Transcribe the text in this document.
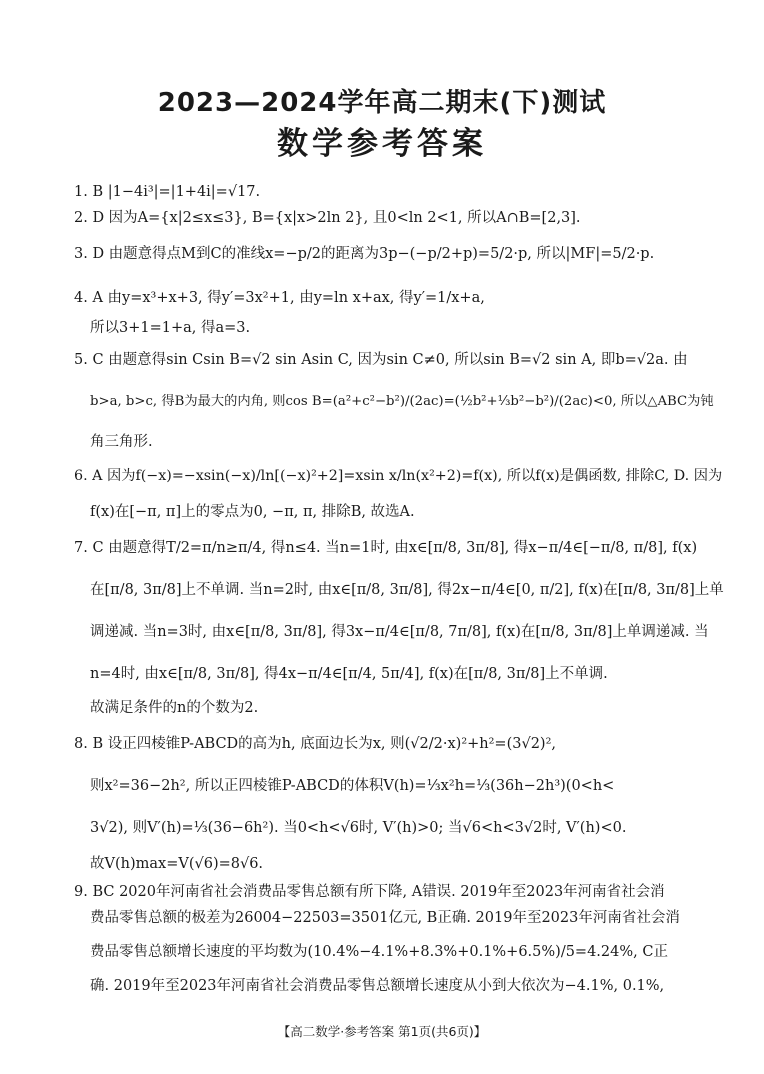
2023—2024学年高二期末(下)测试
数学参考答案
1. B |1−4i³|=|1+4i|=√17.
2. D 因为A={x|2≤x≤3}, B={x|x>2ln 2}, 且0<ln 2<1, 所以A∩B=[2,3].
3. D 由题意得点M到C的准线x=−p/2的距离为3p−(−p/2+p)=5/2·p, 所以|MF|=5/2·p.
4. A 由y=x³+x+3, 得y′=3x²+1, 由y=ln x+ax, 得y′=1/x+a,
所以3+1=1+a, 得a=3.
5. C 由题意得sin Csin B=√2 sin Asin C, 因为sin C≠0, 所以sin B=√2 sin A, 即b=√2a. 由
b>a, b>c, 得B为最大的内角, 则cos B=(a²+c²−b²)/(2ac)=(½b²+⅓b²−b²)/(2ac)<0, 所以△ABC为钝
角三角形.
6. A 因为f(−x)=−xsin(−x)/ln[(−x)²+2]=xsin x/ln(x²+2)=f(x), 所以f(x)是偶函数, 排除C, D. 因为
f(x)在[−π, π]上的零点为0, −π, π, 排除B, 故选A.
7. C 由题意得T/2=π/n≥π/4, 得n≤4. 当n=1时, 由x∈[π/8, 3π/8], 得x−π/4∈[−π/8, π/8], f(x)
在[π/8, 3π/8]上不单调. 当n=2时, 由x∈[π/8, 3π/8], 得2x−π/4∈[0, π/2], f(x)在[π/8, 3π/8]上单
调递减. 当n=3时, 由x∈[π/8, 3π/8], 得3x−π/4∈[π/8, 7π/8], f(x)在[π/8, 3π/8]上单调递减. 当
n=4时, 由x∈[π/8, 3π/8], 得4x−π/4∈[π/4, 5π/4], f(x)在[π/8, 3π/8]上不单调.
故满足条件的n的个数为2.
8. B 设正四棱锥P-ABCD的高为h, 底面边长为x, 则(√2/2·x)²+h²=(3√2)²,
则x²=36−2h², 所以正四棱锥P-ABCD的体积V(h)=⅓x²h=⅓(36h−2h³)(0<h<
3√2), 则V′(h)=⅓(36−6h²). 当0<h<√6时, V′(h)>0; 当√6<h<3√2时, V′(h)<0.
故V(h)max=V(√6)=8√6.
9. BC 2020年河南省社会消费品零售总额有所下降, A错误. 2019年至2023年河南省社会消
费品零售总额的极差为26004−22503=3501亿元, B正确. 2019年至2023年河南省社会消
费品零售总额增长速度的平均数为(10.4%−4.1%+8.3%+0.1%+6.5%)/5=4.24%, C正
确. 2019年至2023年河南省社会消费品零售总额增长速度从小到大依次为−4.1%, 0.1%,
【高二数学·参考答案 第1页(共6页)】
